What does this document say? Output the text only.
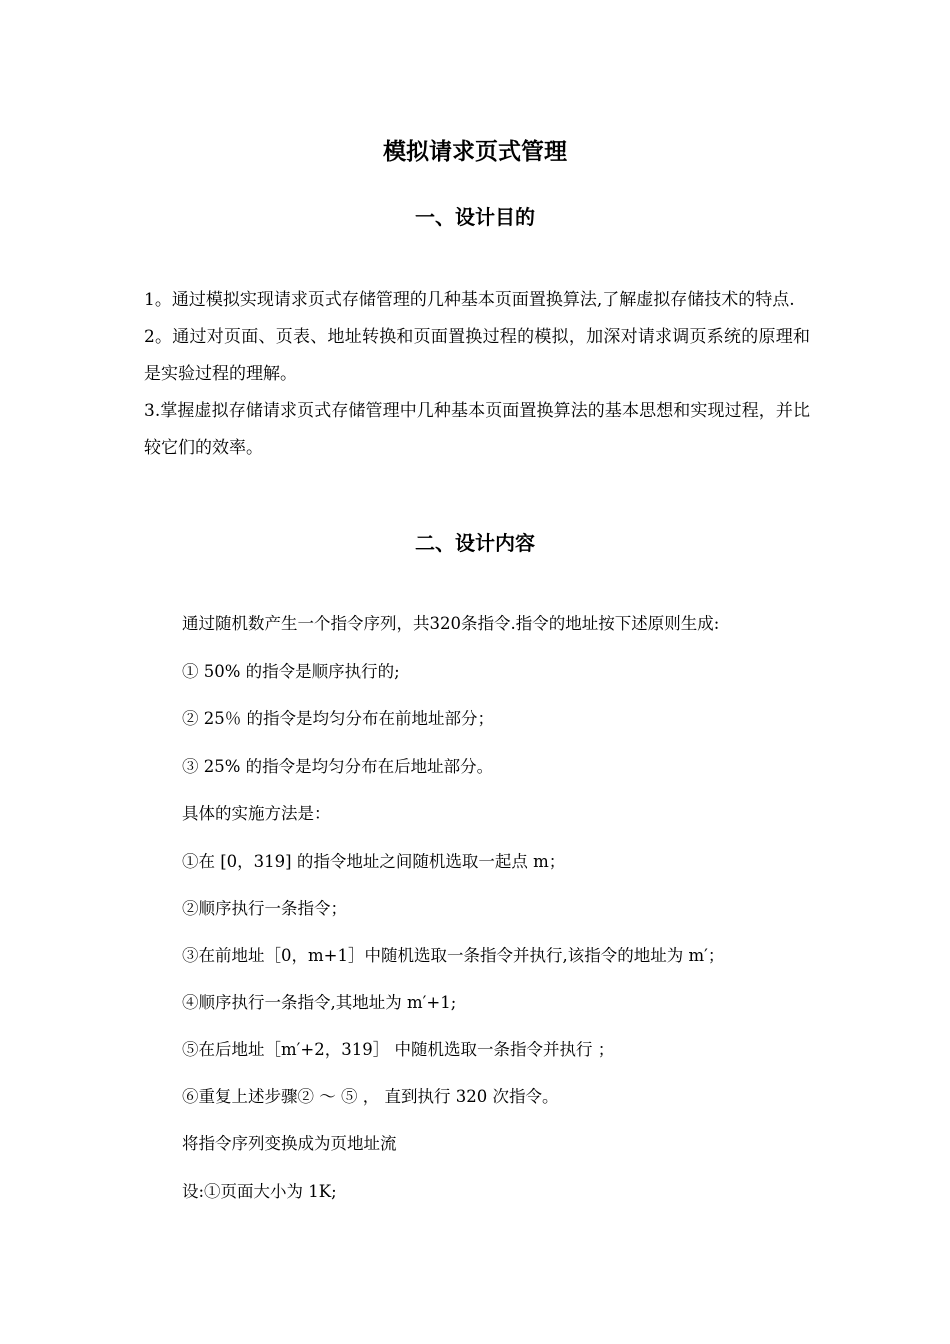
模拟请求页式管理
一、设计目的
1。通过模拟实现请求页式存储管理的几种基本页面置换算法,了解虚拟存储技术的特点.
2。通过对页面、页表、地址转换和页面置换过程的模拟，加深对请求调页系统的原理和是实验过程的理解。
3.掌握虚拟存储请求页式存储管理中几种基本页面置换算法的基本思想和实现过程，并比较它们的效率。
二、设计内容
通过随机数产生一个指令序列，共320条指令.指令的地址按下述原则生成:
① 50% 的指令是顺序执行的;
② 25％ 的指令是均匀分布在前地址部分；
③ 25% 的指令是均匀分布在后地址部分。
具体的实施方法是：
①在 [0，319] 的指令地址之间随机选取一起点 m；
②顺序执行一条指令；
③在前地址［0，m+1］中随机选取一条指令并执行,该指令的地址为 m′；
④顺序执行一条指令,其地址为 m′+1;
⑤在后地址［m′+2，319］ 中随机选取一条指令并执行 ；
⑥重复上述步骤② ～ ⑤ ， 直到执行 320 次指令。
将指令序列变换成为页地址流
设:①页面大小为 1K;
